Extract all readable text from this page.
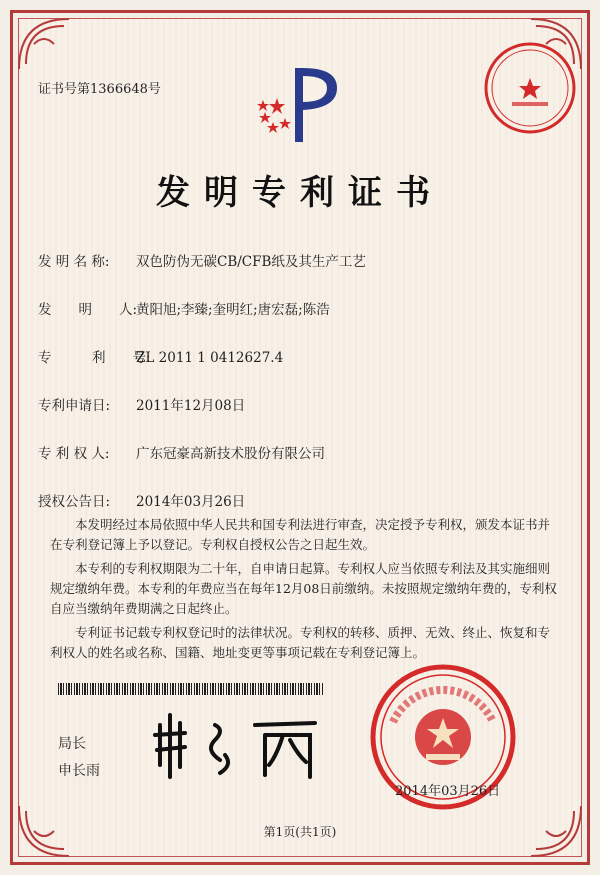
证书号第1366648号
发明专利证书
发 明 名 称: 双色防伪无碳CB/CFB纸及其生产工艺
发　　明　　人:黄阳旭;李臻;奎明红;唐宏磊;陈浩
专　　　利　　号:ZL 2011 1 0412627.4
专利申请日: 2011年12月08日
专 利 权 人: 广东冠豪高新技术股份有限公司
授权公告日: 2014年03月26日

本发明经过本局依照中华人民共和国专利法进行审查，决定授予专利权，颁发本证书并在专利登记簿上予以登记。专利权自授权公告之日起生效。

本专利的专利权期限为二十年，自申请日起算。专利权人应当依照专利法及其实施细则规定缴纳年费。本专利的年费应当在每年12月08日前缴纳。未按照规定缴纳年费的，专利权自应当缴纳年费期满之日起终止。

专利证书记载专利权登记时的法律状况。专利权的转移、质押、无效、终止、恢复和专利权人的姓名或名称、国籍、地址变更等事项记载在专利登记簿上。

局长
申长雨
2014年03月26日
第1页(共1页)
